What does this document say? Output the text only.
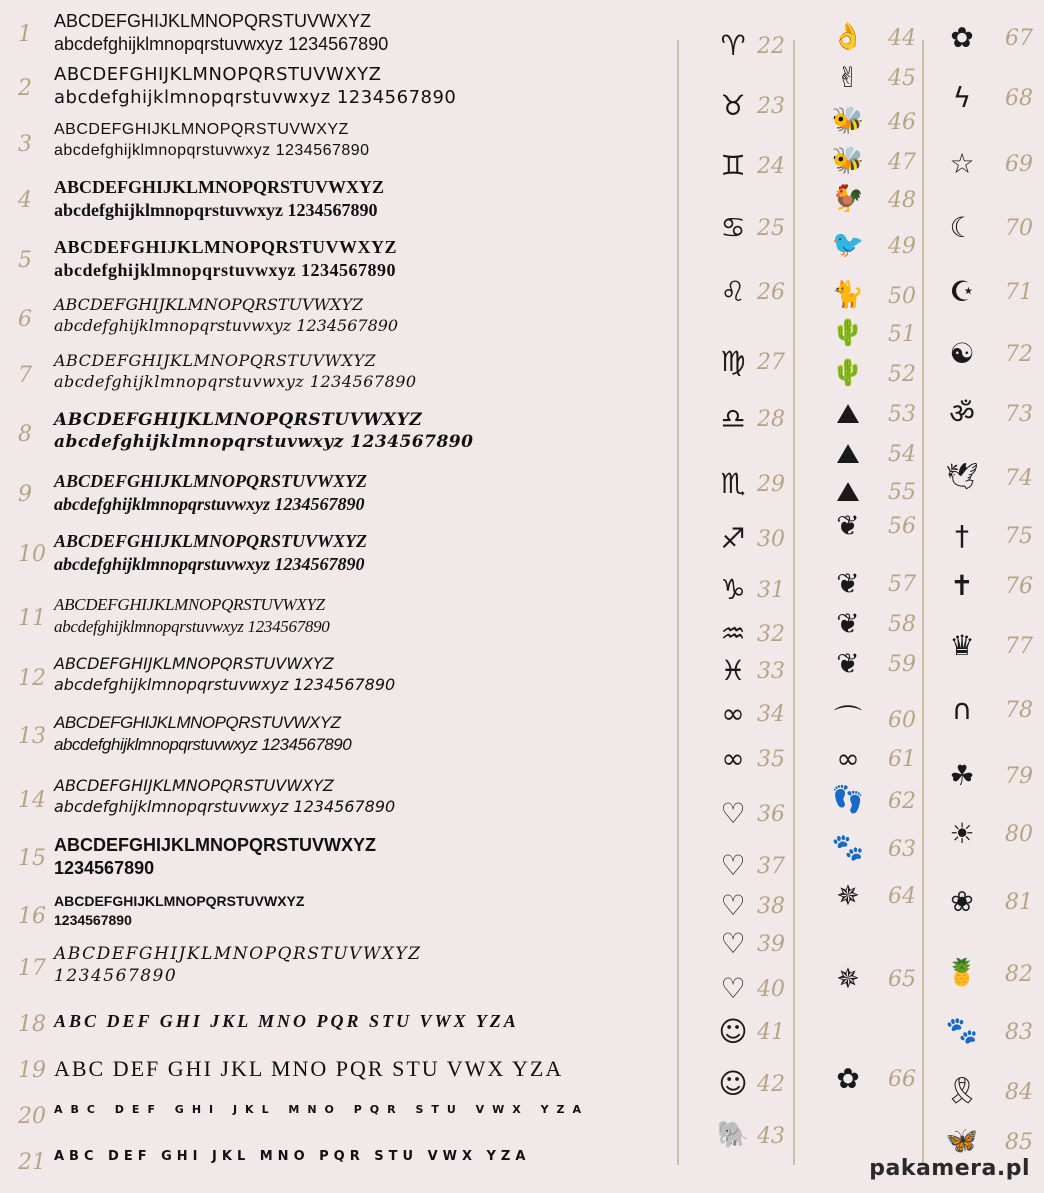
1
ABCDEFGHIJKLMNOPQRSTUVWXYZ
abcdefghijklmnopqrstuvwxyz 1234567890
2
ABCDEFGHIJKLMNOPQRSTUVWXYZ
abcdefghijklmnopqrstuvwxyz 1234567890
3
ABCDEFGHIJKLMNOPQRSTUVWXYZ
abcdefghijklmnopqrstuvwxyz 1234567890
4
ABCDEFGHIJKLMNOPQRSTUVWXYZ
abcdefghijklmnopqrstuvwxyz 1234567890
5
ABCDEFGHIJKLMNOPQRSTUVWXYZ
abcdefghijklmnopqrstuvwxyz 1234567890
6
ABCDEFGHIJKLMNOPQRSTUVWXYZ
abcdefghijklmnopqrstuvwxyz 1234567890
7
ABCDEFGHIJKLMNOPQRSTUVWXYZ
abcdefghijklmnopqrstuvwxyz 1234567890
8
ABCDEFGHIJKLMNOPQRSTUVWXYZ
abcdefghijklmnopqrstuvwxyz 1234567890
9
ABCDEFGHIJKLMNOPQRSTUVWXYZ
abcdefghijklmnopqrstuvwxyz 1234567890
10
ABCDEFGHIJKLMNOPQRSTUVWXYZ
abcdefghijklmnopqrstuvwxyz 1234567890
11
ABCDEFGHIJKLMNOPQRSTUVWXYZ
abcdefghijklmnopqrstuvwxyz 1234567890
12
ABCDEFGHIJKLMNOPQRSTUVWXYZ
abcdefghijklmnopqrstuvwxyz 1234567890
13
ABCDEFGHIJKLMNOPQRSTUVWXYZ
abcdefghijklmnopqrstuvwxyz 1234567890
14
ABCDEFGHIJKLMNOPQRSTUVWXYZ
abcdefghijklmnopqrstuvwxyz 1234567890
15
ABCDEFGHIJKLMNOPQRSTUVWXYZ
1234567890
16
ABCDEFGHIJKLMNOPQRSTUVWXYZ
1234567890
17
ABCDEFGHIJKLMNOPQRSTUVWXYZ
1234567890
18 ABC DEF GHI JKL MNO PQR STU VWX YZA
19 ABC DEF GHI JKL MNO PQR STU VWX YZA
20 ABC DEF GHI JKL MNO PQR STU VWX YZA
21 ABC DEF GHI JKL MNO PQR STU VWX YZA
♈ 22
♉ 23
♊ 24
♋ 25
♌ 26
♍ 27
♎ 28
♏ 29
♐ 30
♑ 31
♒ 32
♓ 33
∞ 34
∞ 35
♡ 36
♡ 37
♡ 38
♡ 39
♡ 40
☺ 41
☺ 42
🐘 43
👌	44
✌	45
🐝	46
🐝	47
🐓	48
🐦	49
🐈	50
🌵	51
🌵	52
⛰	53
⛰	54
⛰	55
❦	56
❦	57
❦	58
❦	59
⌒	60
∞	61
👣	62
🐾	63
✵	64
✵	65
✿	66
✿	67
ϟ	68
☆	69
☾	70
☪	71
☯	72
ॐ	73
🕊	74
†	75
✝	76
♛	77
∩	78
☘	79
☀	80
❀	81
🍍	82
🐾	83
🎗	84
🦋	85
pakamera.pl
